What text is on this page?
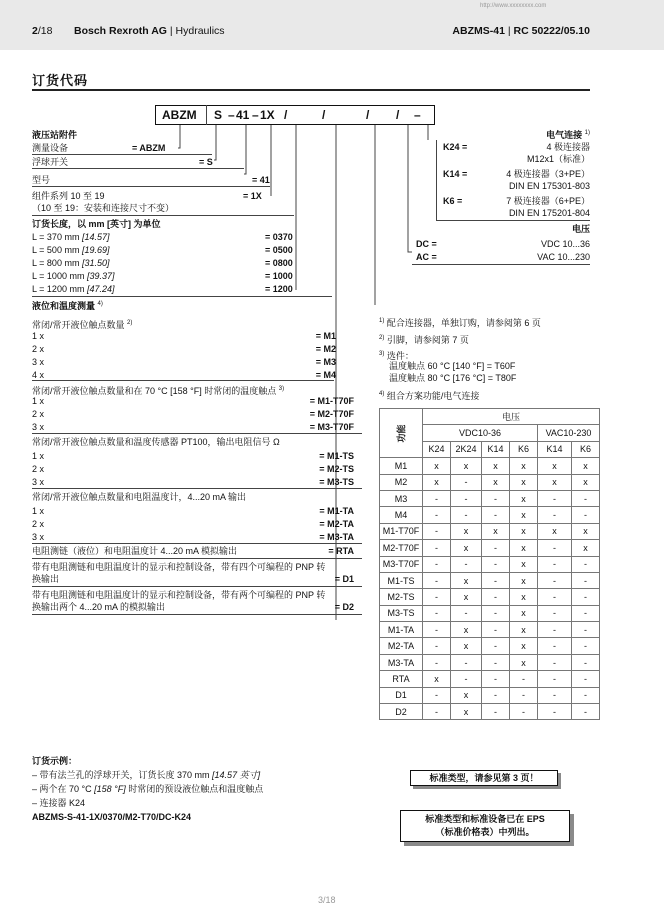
http://www.xxxxxxxx.com
2/18 Bosch Rexroth AG | Hydraulics	ABZMS-41 | RC 50222/05.10
订货代码
ABZM S – 41 – 1X /	/	/ / –
液压站附件
测量设备	= ABZM
浮球开关	= S
型号	= 41
组件系列 10 至 19	= 1X
（10 至 19：安装和连接尺寸不变）
订货长度，以 mm [英寸] 为单位
L = 370 mm [14.57]	= 0370
L = 500 mm [19.69]	= 0500
L = 800 mm [31.50]	= 0800
L = 1000 mm [39.37]	= 1000
L = 1200 mm [47.24]	= 1200
液位和温度测量 $^{4)}$
常闭/常开液位触点数量 $^{2)}$
1 x	= M1
2 x	= M2
3 x	= M3
4 x	= M4
常闭/常开液位触点数量和在 70 °C [158 °F] 时常闭的温度触点 $^{3)}$
1 x	= M1-T70F
2 x	= M2-T70F
3 x	= M3-T70F
常闭/常开液位触点数量和温度传感器 PT100，输出电阻信号 Ω
1 x	= M1-TS
2 x	= M2-TS
3 x	= M3-TS
常闭/常开液位触点数量和电阻温度计，4...20 mA 输出
1 x	= M1-TA
2 x	= M2-TA
3 x	= M3-TA
电阻测链（液位）和电阻温度计 4...20 mA 模拟输出	= RTA
带有电阻测链和电阻温度计的显示和控制设备，带有四个可编程的 PNP 转
换输出	= D1
带有电阻测链和电阻温度计的显示和控制设备，带有两个可编程的 PNP 转
换输出两个 4...20 mA 的模拟输出	= D2
电气连接 $^{1)}$
K24 =	4 极连接器
M12x1（标准）
K14 =	4 极连接器（3+PE）
DIN EN 175301-803
K6 =	7 极连接器（6+PE）
DIN EN 175201-804
电压
DC =	VDC 10...36
AC =	VAC 10...230
$^{1)}$ 配合连接器，单独订购，请参阅第 6 页
$^{2)}$ 引脚，请参阅第 7 页
$^{3)}$ 选件：
温度触点 60 °C [140 °F] = T60F
温度触点 80 °C [176 °C] = T80F
$^{4)}$ 组合方案功能/电气连接
功能	电压					
	VDC10-36				VAC10-230	
	K24	2K24	K14	K6	K14	K6
M1	x	x	x	x	x	x
M2	x	-	x	x	x	x
M3	-	-	-	x	-	-
M4	-	-	-	x	-	-
M1-T70F	-	x	x	x	x	x
M2-T70F	-	x	-	x	-	x
M3-T70F	-	-	-	x	-	-
M1-TS	-	x	-	x	-	-
M2-TS	-	x	-	x	-	-
M3-TS	-	-	-	x	-	-
M1-TA	-	x	-	x	-	-
M2-TA	-	x	-	x	-	-
M3-TA	-	-	-	x	-	-
RTA	x	-	-	-	-	-
D1	-	x	-	-	-	-
D2	-	x	-	-	-	-
订货示例：
– 带有法兰孔的浮球开关，订货长度 370 mm [14.57 英寸]
– 两个在 70 °C [158 °F] 时常闭的预设液位触点和温度触点
– 连接器 K24
ABZMS-S-41-1X/0370/M2-T70/DC-K24
标准类型，请参见第 3 页！
标准类型和标准设备已在 EPS
（标准价格表）中列出。
3/18
